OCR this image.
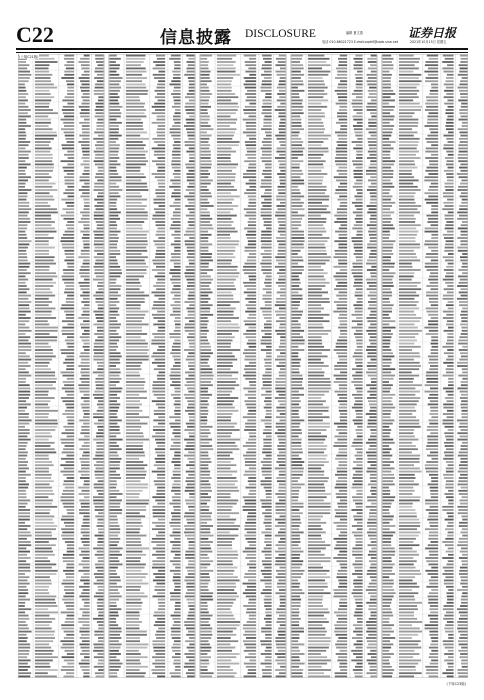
C22	信息披露 DISCLOSURE	编辑 夏文燕
电话 010-66021723 E-mail:zqrb9@zqrb.sina.net	2021年10月15日 星期五
证券日报
(上接C21版)
(下转C23版)
